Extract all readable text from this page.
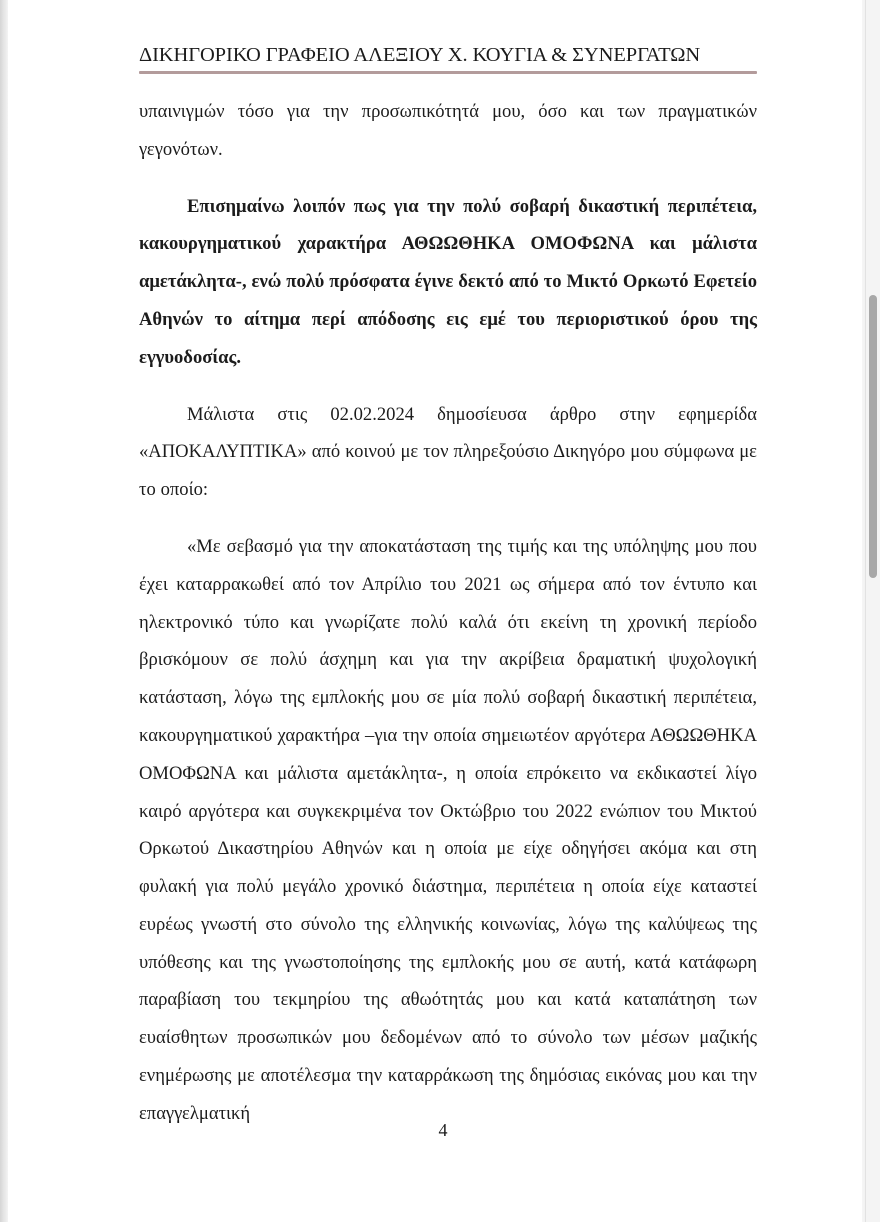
ΔΙΚΗΓΟΡΙΚΟ ΓΡΑΦΕΙΟ ΑΛΕΞΙΟΥ Χ. ΚΟΥΓΙΑ & ΣΥΝΕΡΓΑΤΩΝ

υπαινιγμών τόσο για την προσωπικότητά μου, όσο και των πραγματικών γεγονότων.

Επισημαίνω λοιπόν πως για την πολύ σοβαρή δικαστική περιπέτεια, κακουργηματικού χαρακτήρα ΑΘΩΩΘΗΚΑ ΟΜΟΦΩΝΑ και μάλιστα αμετάκλητα-, ενώ πολύ πρόσφατα έγινε δεκτό από το Μικτό Ορκωτό Εφετείο Αθηνών το αίτημα περί απόδοσης εις εμέ του περιοριστικού όρου της εγγυοδοσίας.

Μάλιστα στις 02.02.2024 δημοσίευσα άρθρο στην εφημερίδα «ΑΠΟΚΑΛΥΠΤΙΚΑ» από κοινού με τον πληρεξούσιο Δικηγόρο μου σύμφωνα με το οποίο:

«Με σεβασμό για την αποκατάσταση της τιμής και της υπόληψης μου που έχει καταρρακωθεί από τον Απρίλιο του 2021 ως σήμερα από τον έντυπο και ηλεκτρονικό τύπο και γνωρίζατε πολύ καλά ότι εκείνη τη χρονική περίοδο βρισκόμουν σε πολύ άσχημη και για την ακρίβεια δραματική ψυχολογική κατάσταση, λόγω της εμπλοκής μου σε μία πολύ σοβαρή δικαστική περιπέτεια, κακουργηματικού χαρακτήρα –για την οποία σημειωτέον αργότερα ΑΘΩΩΘΗΚΑ ΟΜΟΦΩΝΑ και μάλιστα αμετάκλητα-, η οποία επρόκειτο να εκδικαστεί λίγο καιρό αργότερα και συγκεκριμένα τον Οκτώβριο του 2022 ενώπιον του Μικτού Ορκωτού Δικαστηρίου Αθηνών και η οποία με είχε οδηγήσει ακόμα και στη φυλακή για πολύ μεγάλο χρονικό διάστημα, περιπέτεια η οποία είχε καταστεί ευρέως γνωστή στο σύνολο της ελληνικής κοινωνίας, λόγω της καλύψεως της υπόθεσης και της γνωστοποίησης της εμπλοκής μου σε αυτή, κατά κατάφωρη παραβίαση του τεκμηρίου της αθωότητάς μου και κατά καταπάτηση των ευαίσθητων προσωπικών μου δεδομένων από το σύνολο των μέσων μαζικής ενημέρωσης με αποτέλεσμα την καταρράκωση της δημόσιας εικόνας μου και την επαγγελματική

4
